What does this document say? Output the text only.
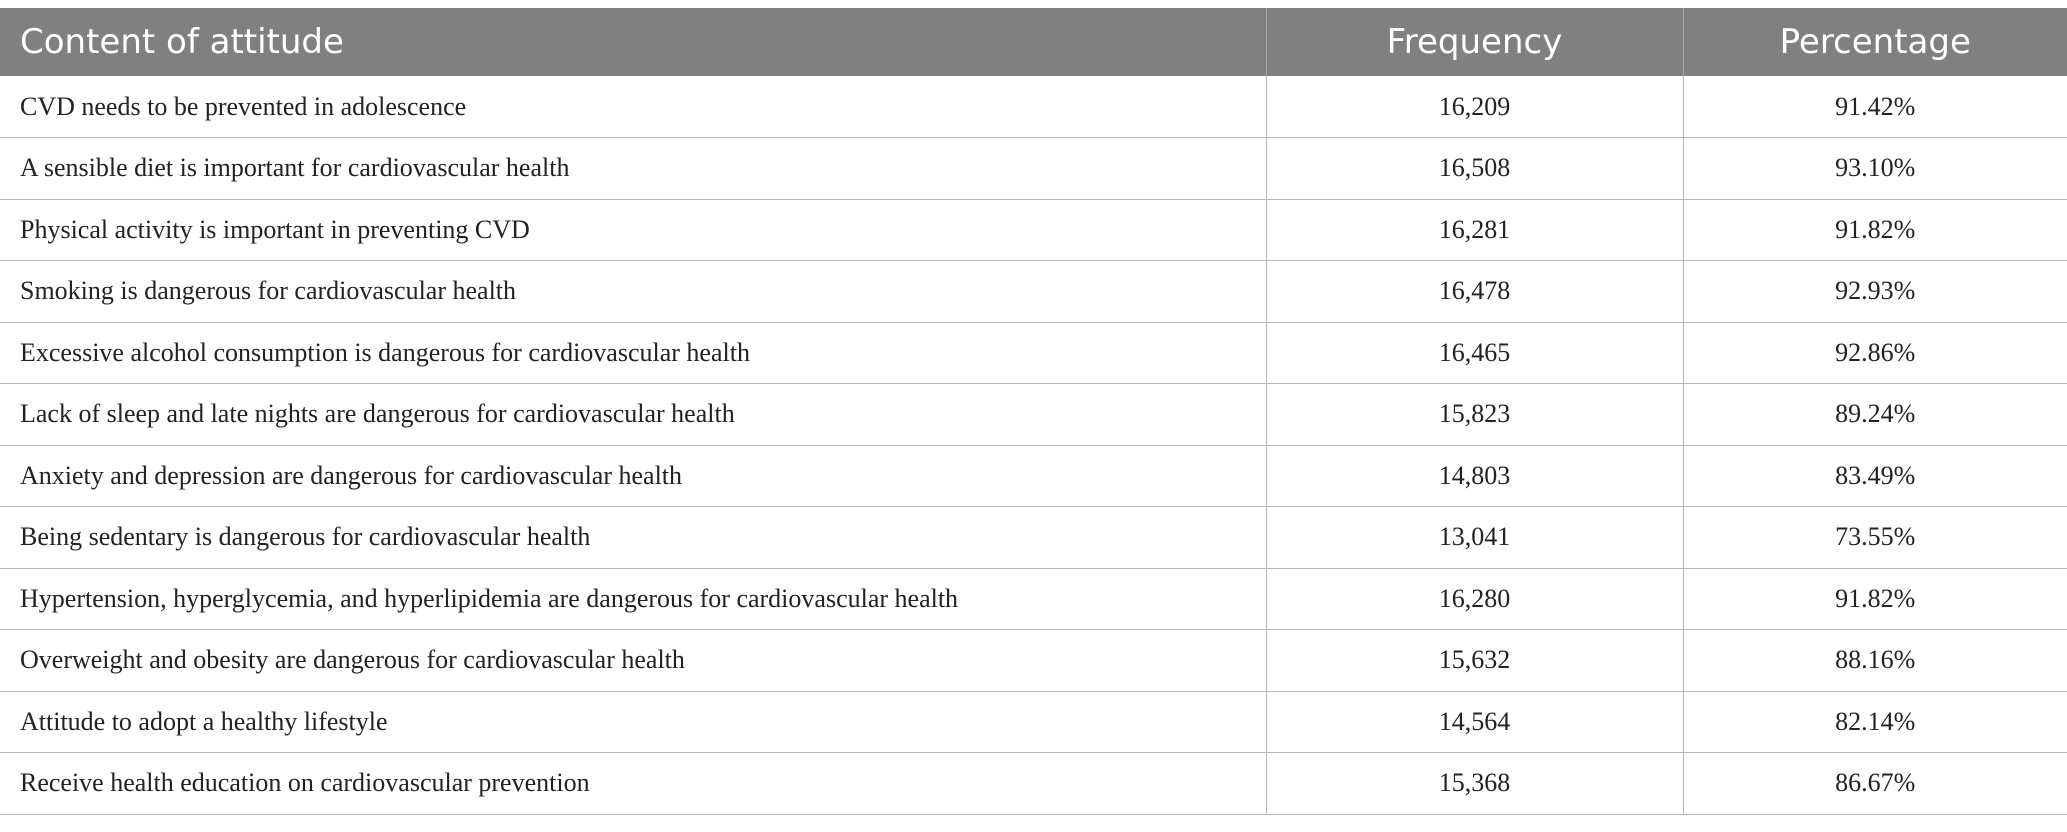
Content of attitude	Frequency	Percentage
CVD needs to be prevented in adolescence	16,209	91.42%
A sensible diet is important for cardiovascular health	16,508	93.10%
Physical activity is important in preventing CVD	16,281	91.82%
Smoking is dangerous for cardiovascular health	16,478	92.93%
Excessive alcohol consumption is dangerous for cardiovascular health	16,465	92.86%
Lack of sleep and late nights are dangerous for cardiovascular health	15,823	89.24%
Anxiety and depression are dangerous for cardiovascular health	14,803	83.49%
Being sedentary is dangerous for cardiovascular health	13,041	73.55%
Hypertension, hyperglycemia, and hyperlipidemia are dangerous for cardiovascular health	16,280	91.82%
Overweight and obesity are dangerous for cardiovascular health	15,632	88.16%
Attitude to adopt a healthy lifestyle	14,564	82.14%
Receive health education on cardiovascular prevention	15,368	86.67%
